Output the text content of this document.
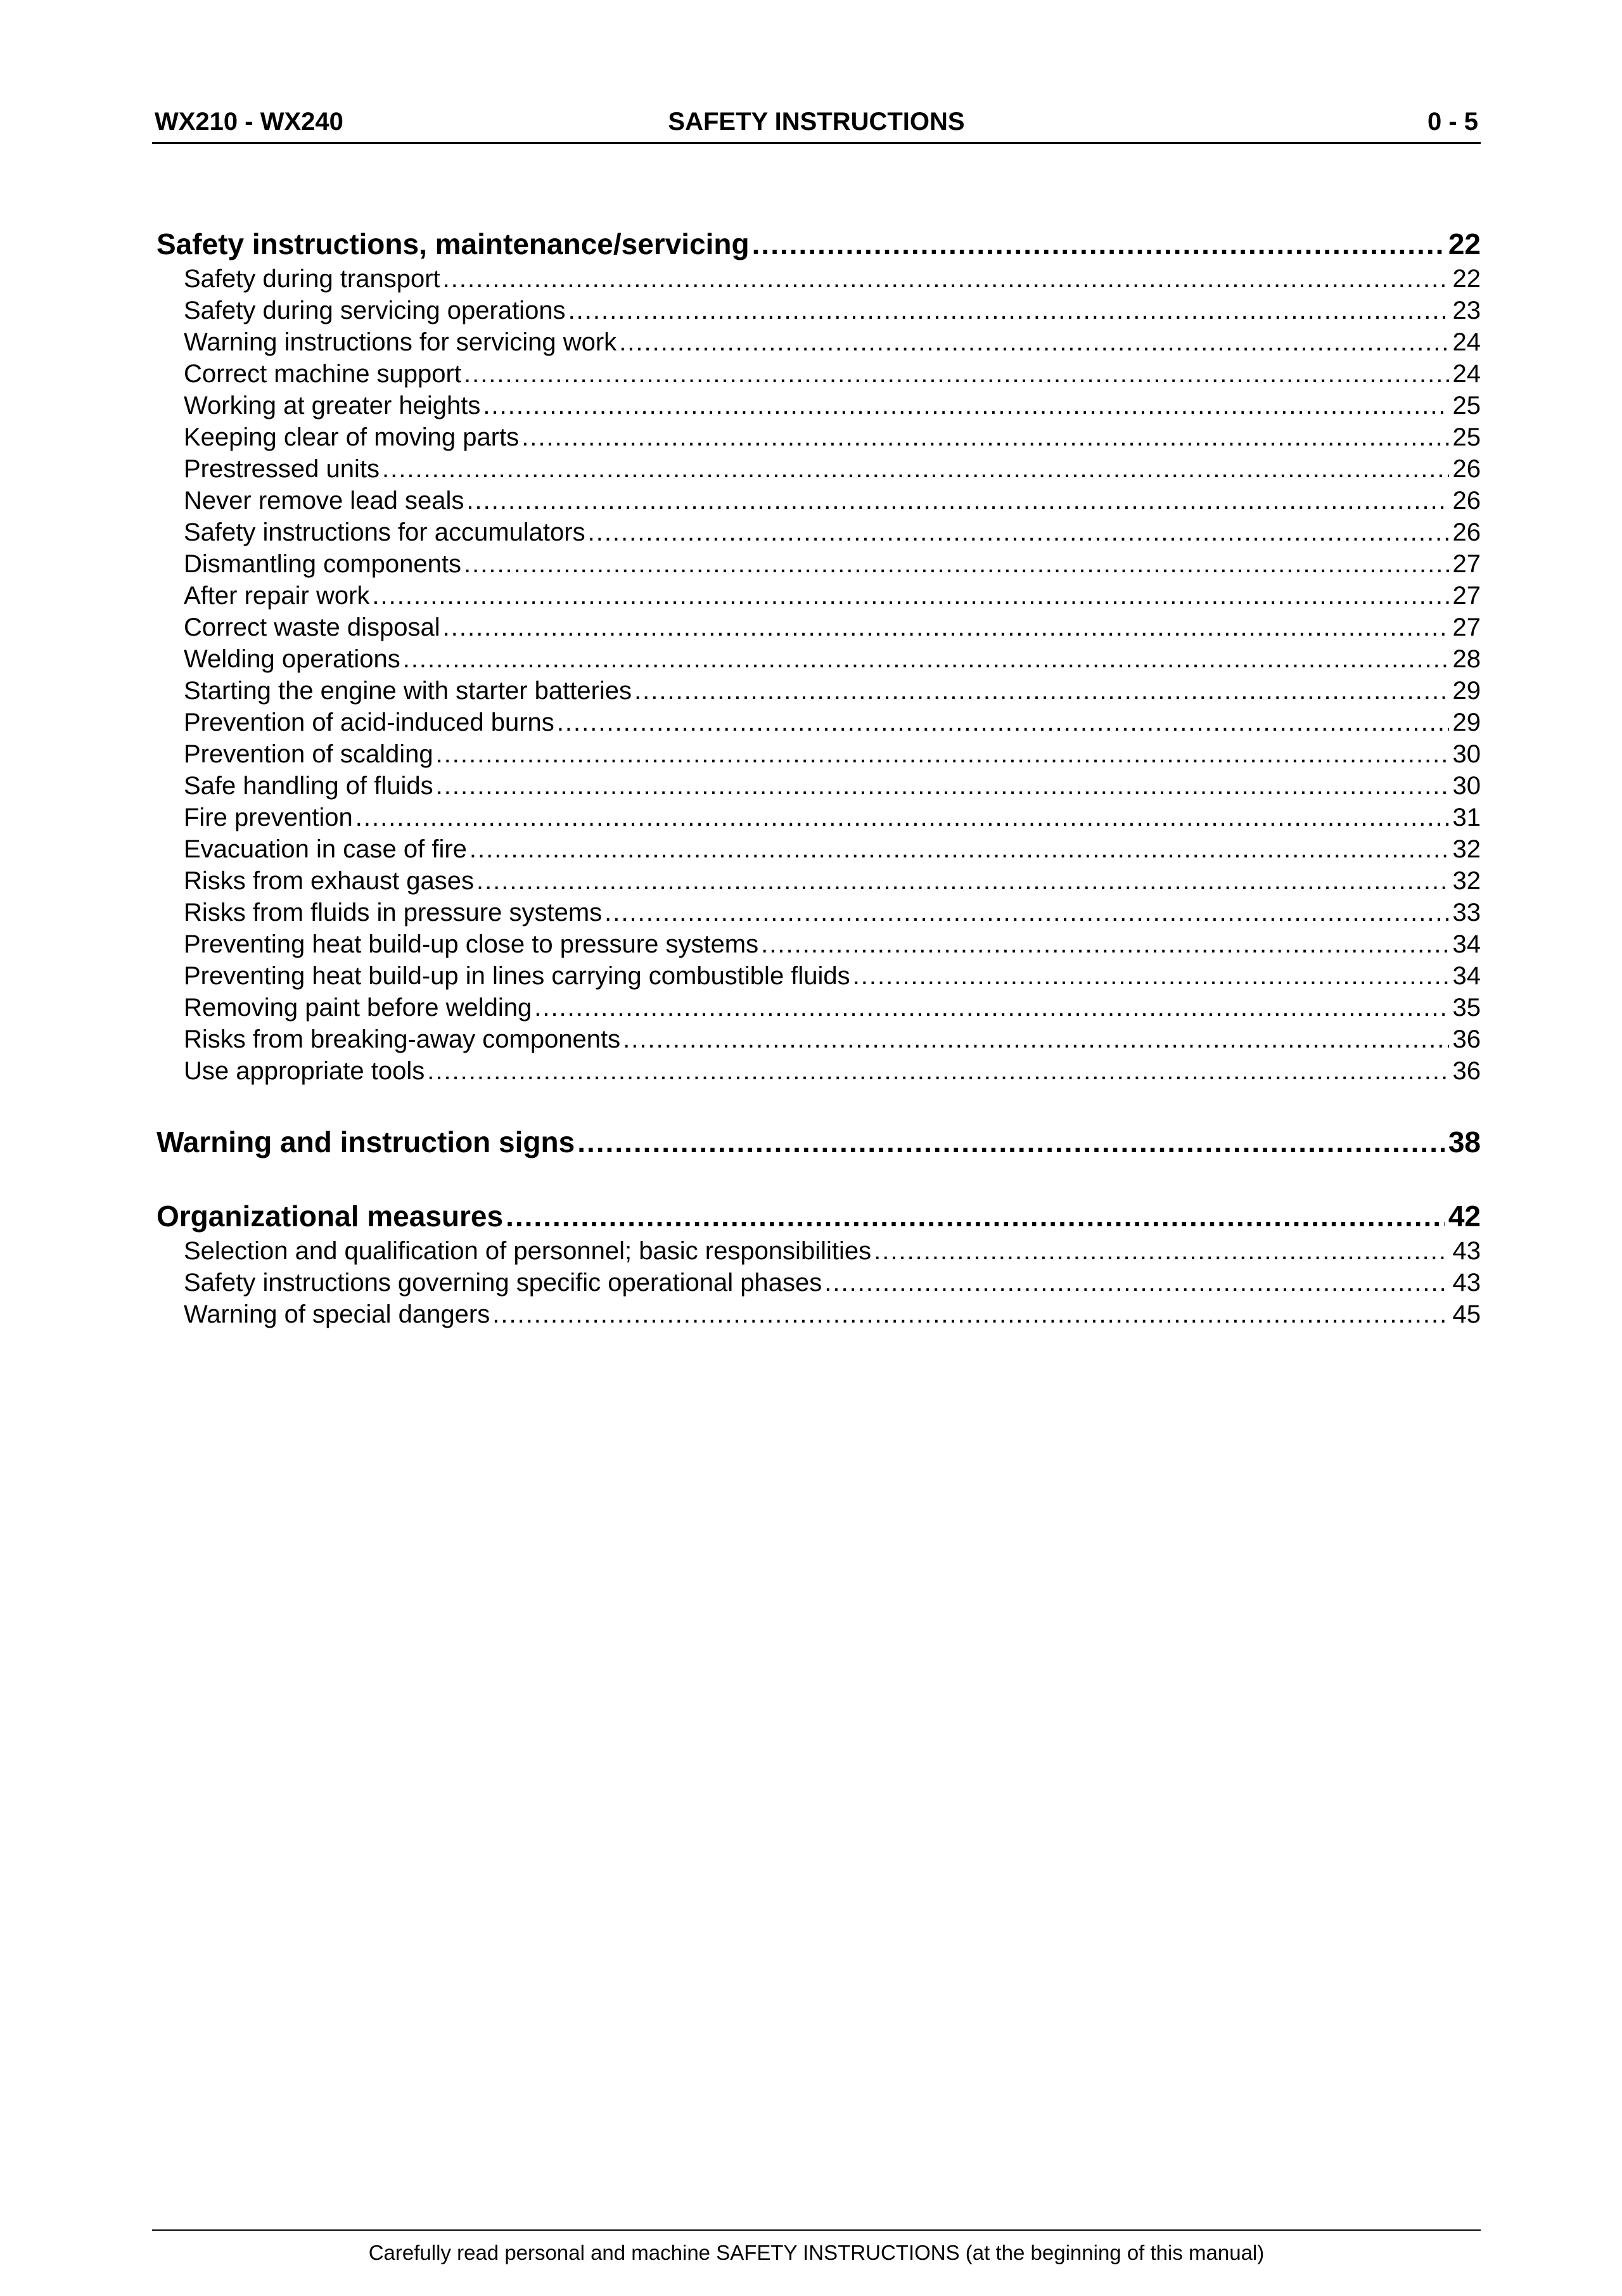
WX210 - WX240	SAFETY INSTRUCTIONS	0 - 5
Safety instructions, maintenance/servicing .....	22
Safety during transport .....	22
Safety during servicing operations .....	23
Warning instructions for servicing work .....	24
Correct machine support .....	24
Working at greater heights .....	25
Keeping clear of moving parts .....	25
Prestressed units .....	26
Never remove lead seals .....	26
Safety instructions for accumulators .....	26
Dismantling components .....	27
After repair work .....	27
Correct waste disposal .....	27
Welding operations .....	28
Starting the engine with starter batteries .....	29
Prevention of acid-induced burns .....	29
Prevention of scalding .....	30
Safe handling of fluids .....	30
Fire prevention .....	31
Evacuation in case of fire .....	32
Risks from exhaust gases .....	32
Risks from fluids in pressure systems .....	33
Preventing heat build-up close to pressure systems .....	34
Preventing heat build-up in lines carrying combustible fluids .....	34
Removing paint before welding .....	35
Risks from breaking-away components .....	36
Use appropriate tools .....	36
Warning and instruction signs .....	38
Organizational measures .....	42
Selection and qualification of personnel; basic responsibilities .....	43
Safety instructions governing specific operational phases .....	43
Warning of special dangers .....	45
Carefully read personal and machine SAFETY INSTRUCTIONS (at the beginning of this manual)
